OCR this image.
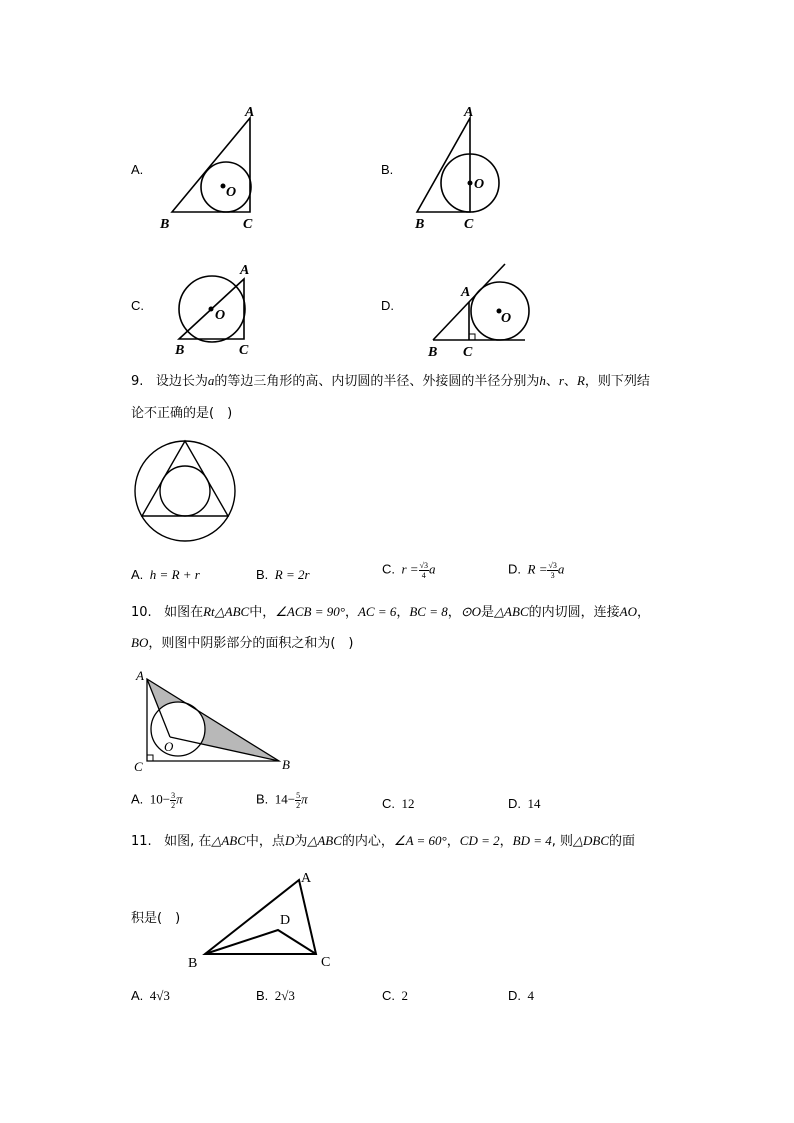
A.
A
B	C
O
B.
A
B	C
O
C.
A
B	C
O
D.
A
B C
O
9. 设边长为a的等边三角形的高、内切圆的半径、外接圆的半径分别为h、r、R，则下列结
论不正确的是(　)
A. h = R + r	B. R = 2r	C. $r = \frac{√3}{4}$ a	D. $R = \frac{√3}{3}$ a
10. 如图在Rt△ABC中，∠ACB = 90°，AC = 6，BC = 8，⊙O是△ABC的内切圆，连接AO，
BO，则图中阴影部分的面积之和为(　)
A
B
C
O
A. $10- \frac{3}{2}$ π	B. $14- \frac{5}{2}$ π	C. 12	D. 14
11. 如图, 在△ABC中，点D为△ABC的内心，∠A = 60°，CD = 2，BD = 4, 则△DBC的面
积是(　)
A
B	C
D
A. 4√3	B. 2√3	C. 2	D. 4
